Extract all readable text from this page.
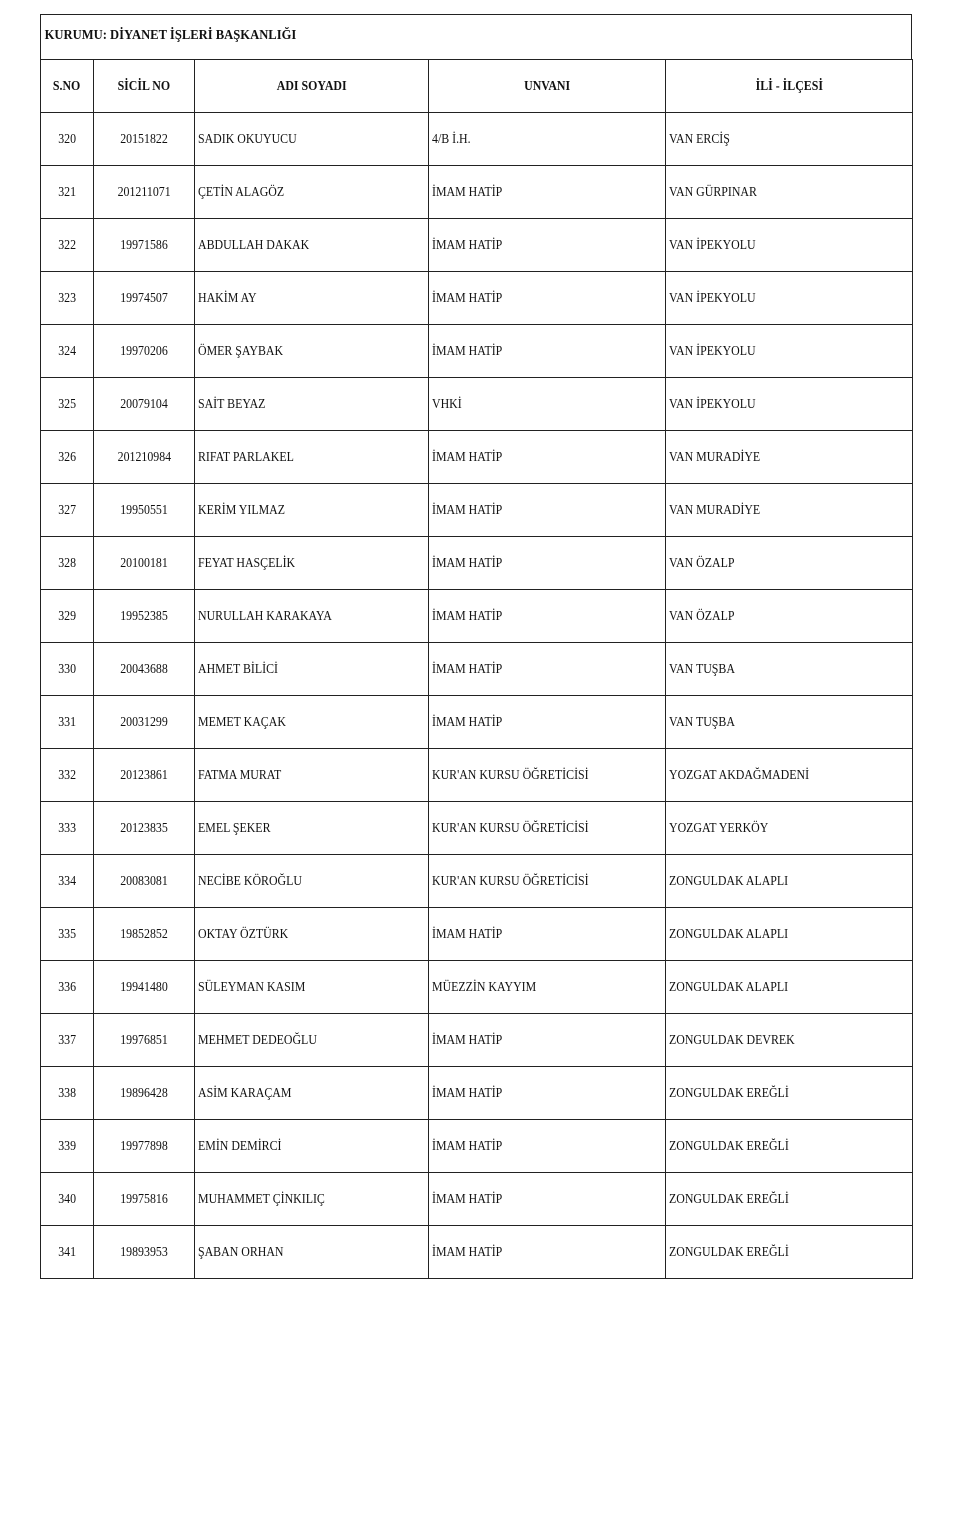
KURUMU: DİYANET İŞLERİ BAŞKANLIĞI
S.NO	SİCİL NO	ADI SOYADI	UNVANI	İLİ - İLÇESİ
320	20151822	SADIK OKUYUCU	4/B İ.H.	VAN ERCİŞ
321	201211071	ÇETİN ALAGÖZ	İMAM HATİP	VAN GÜRPINAR
322	19971586	ABDULLAH DAKAK	İMAM HATİP	VAN İPEKYOLU
323	19974507	HAKİM AY	İMAM HATİP	VAN İPEKYOLU
324	19970206	ÖMER ŞAYBAK	İMAM HATİP	VAN İPEKYOLU
325	20079104	SAİT BEYAZ	VHKİ	VAN İPEKYOLU
326	201210984	RIFAT PARLAKEL	İMAM HATİP	VAN MURADİYE
327	19950551	KERİM YILMAZ	İMAM HATİP	VAN MURADİYE
328	20100181	FEYAT HASÇELİK	İMAM HATİP	VAN ÖZALP
329	19952385	NURULLAH KARAKAYA	İMAM HATİP	VAN ÖZALP
330	20043688	AHMET BİLİCİ	İMAM HATİP	VAN TUŞBA
331	20031299	MEMET KAÇAK	İMAM HATİP	VAN TUŞBA
332	20123861	FATMA MURAT	KUR'AN KURSU ÖĞRETİCİSİ	YOZGAT AKDAĞMADENİ
333	20123835	EMEL ŞEKER	KUR'AN KURSU ÖĞRETİCİSİ	YOZGAT YERKÖY
334	20083081	NECİBE KÖROĞLU	KUR'AN KURSU ÖĞRETİCİSİ	ZONGULDAK ALAPLI
335	19852852	OKTAY ÖZTÜRK	İMAM HATİP	ZONGULDAK ALAPLI
336	19941480	SÜLEYMAN KASIM	MÜEZZİN KAYYIM	ZONGULDAK ALAPLI
337	19976851	MEHMET DEDEOĞLU	İMAM HATİP	ZONGULDAK DEVREK
338	19896428	ASİM KARAÇAM	İMAM HATİP	ZONGULDAK EREĞLİ
339	19977898	EMİN DEMİRCİ	İMAM HATİP	ZONGULDAK EREĞLİ
340	19975816	MUHAMMET ÇİNKILIÇ	İMAM HATİP	ZONGULDAK EREĞLİ
341	19893953	ŞABAN ORHAN	İMAM HATİP	ZONGULDAK EREĞLİ
